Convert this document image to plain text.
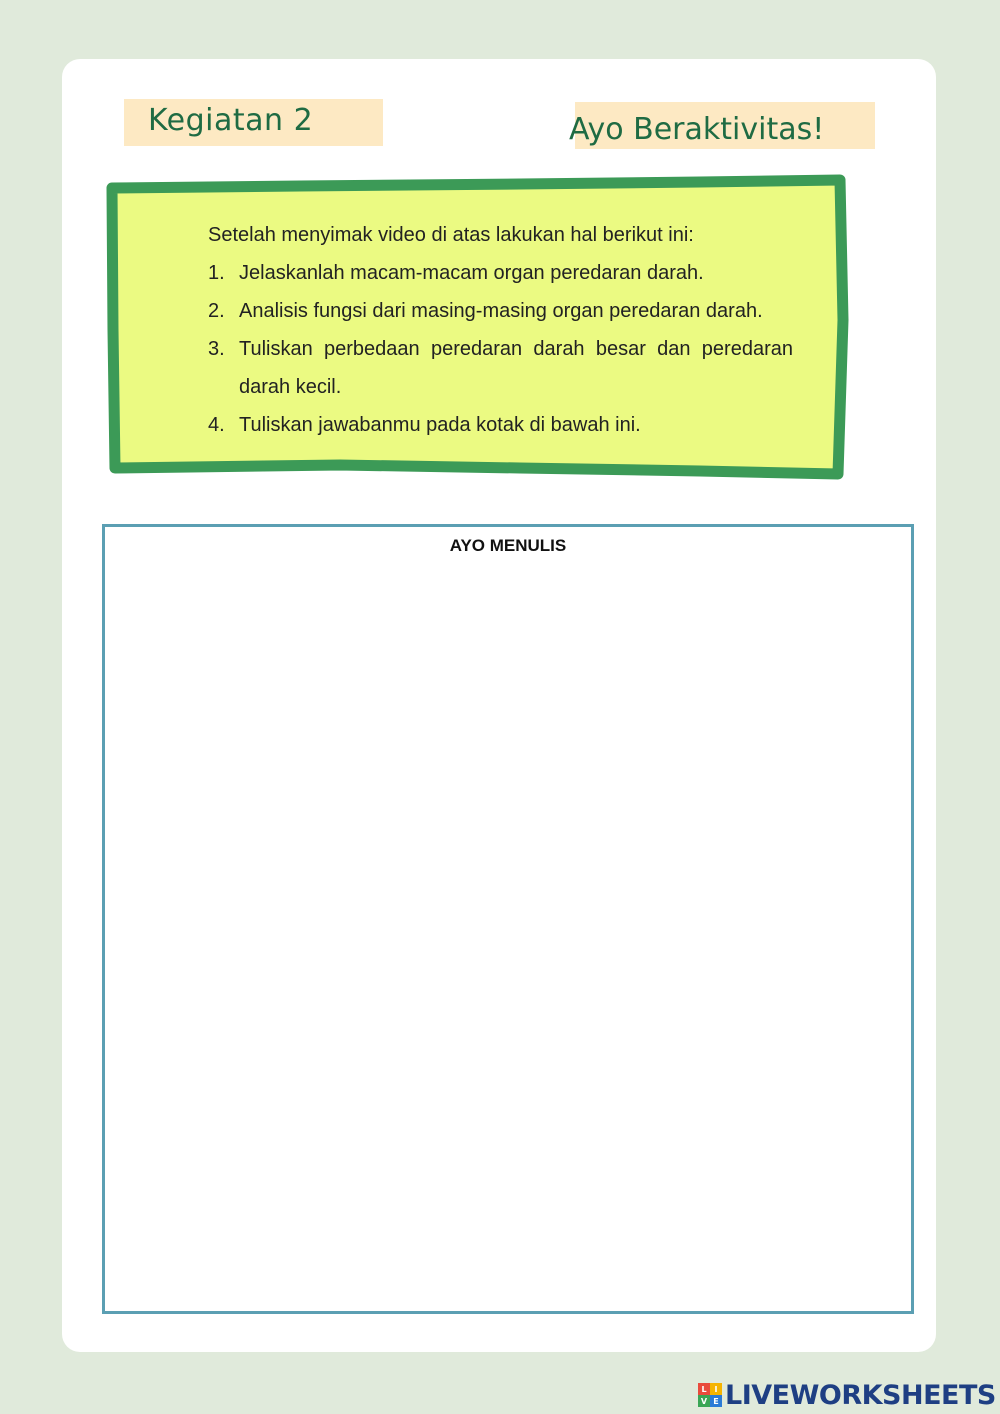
Kegiatan 2	Ayo Beraktivitas!

Setelah menyimak video di atas lakukan hal berikut ini:

1. Jelaskanlah macam-macam organ peredaran darah.
2. Analisis fungsi dari masing-masing organ peredaran darah.
3. Tuliskan perbedaan peredaran darah besar dan peredaran darah kecil.
4. Tuliskan jawabanmu pada kotak di bawah ini.
AYO MENULIS
L I
V E LIVEWORKSHEETS
